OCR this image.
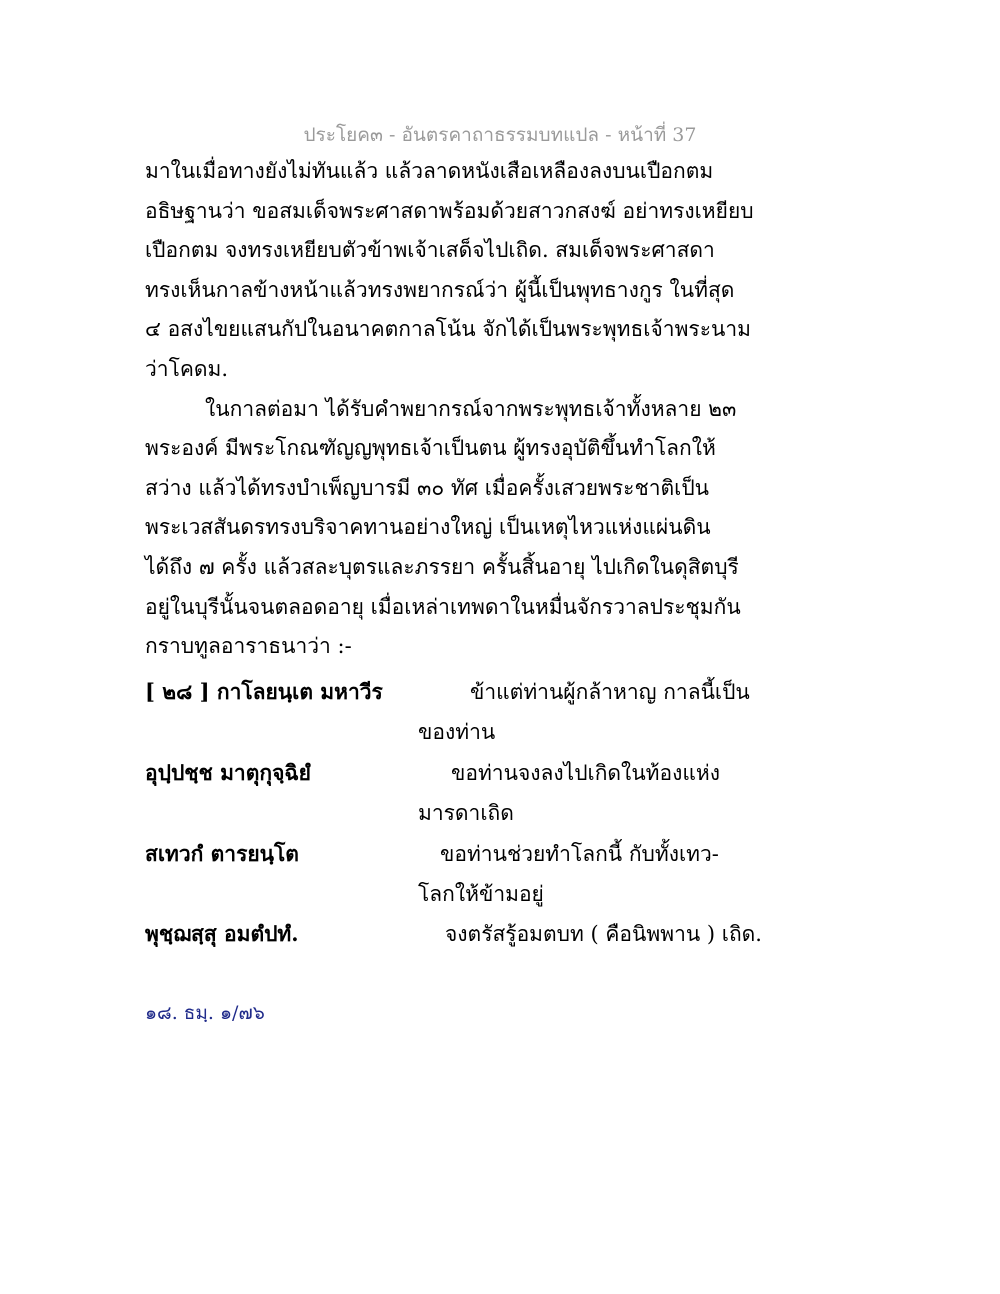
ประโยค๓ - อันตรคาถาธรรมบทแปล - หน้าที่ 37
มาในเมื่อทางยังไม่ทันแล้ว แล้วลาดหนังเสือเหลืองลงบนเปือกตม
อธิษฐานว่า ขอสมเด็จพระศาสดาพร้อมด้วยสาวกสงฆ์ อย่าทรงเหยียบ
เปือกตม จงทรงเหยียบตัวข้าพเจ้าเสด็จไปเถิด. สมเด็จพระศาสดา
ทรงเห็นกาลข้างหน้าแล้วทรงพยากรณ์ว่า ผู้นี้เป็นพุทธางกูร ในที่สุด
๔ อสงไขยแสนกัปในอนาคตกาลโน้น จักได้เป็นพระพุทธเจ้าพระนาม
ว่าโคดม.
ในกาลต่อมา ได้รับคำพยากรณ์จากพระพุทธเจ้าทั้งหลาย ๒๓
พระองค์ มีพระโกณฑัญญพุทธเจ้าเป็นตน ผู้ทรงอุบัติขึ้นทำโลกให้
สว่าง แล้วได้ทรงบำเพ็ญบารมี ๓๐ ทัศ เมื่อครั้งเสวยพระชาติเป็น
พระเวสสันดรทรงบริจาคทานอย่างใหญ่ เป็นเหตุไหวแห่งแผ่นดิน
ได้ถึง ๗ ครั้ง แล้วสละบุตรและภรรยา ครั้นสิ้นอายุ ไปเกิดในดุสิตบุรี
อยู่ในบุรีนั้นจนตลอดอายุ เมื่อเหล่าเทพดาในหมื่นจักรวาลประชุมกัน
กราบทูลอาราธนาว่า :-
[ ๒๘ ] กาโลยนฺเต มหาวีร	ข้าแต่ท่านผู้กล้าหาญ กาลนี้เป็น
ของท่าน
อุปฺปชฺช มาตุกุจฺฉิยํ	ขอท่านจงลงไปเกิดในท้องแห่ง
มารดาเถิด
สเทวกํ ตารยนฺโต	ขอท่านช่วยทำโลกนี้ กับทั้งเทว-
โลกให้ข้ามอยู่
พุชฺฌสฺสุ อมตํปทํ.	จงตรัสรู้อมตบท ( คือนิพพาน ) เถิด.
๑๘. ธมฺ. ๑/๗๖
